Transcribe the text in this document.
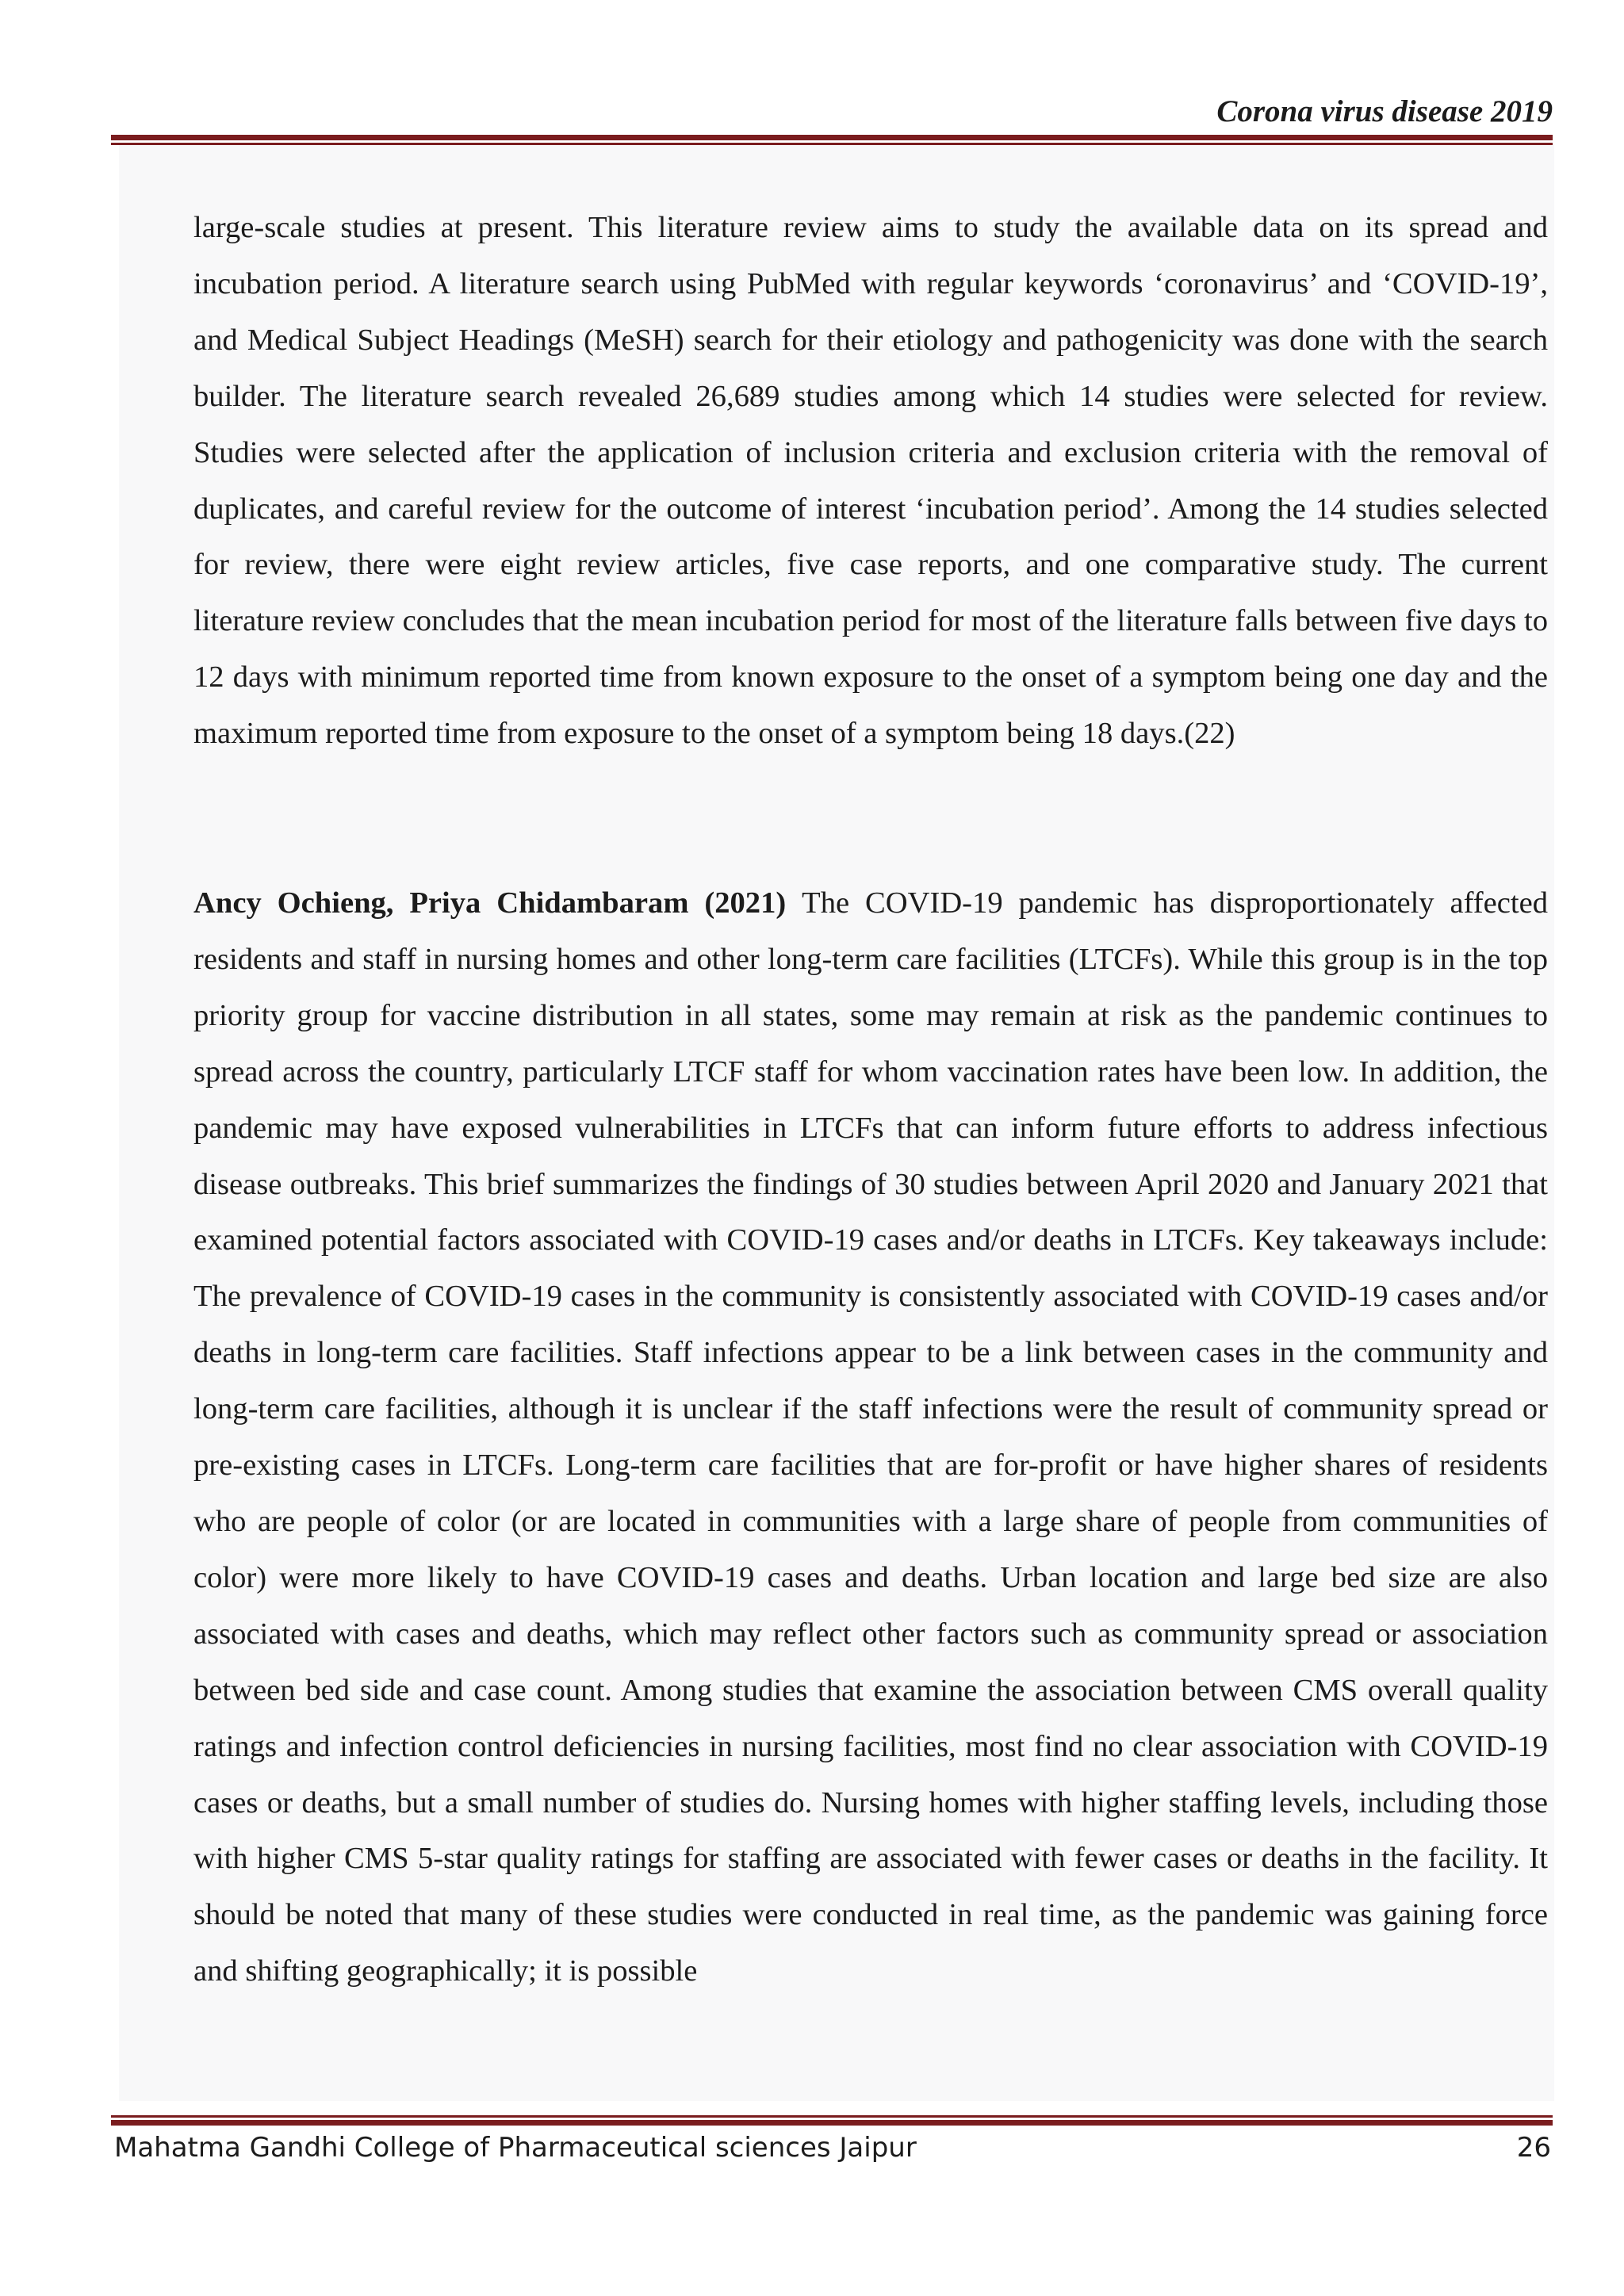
Corona virus disease 2019
large-scale studies at present. This literature review aims to study the available data on its spread and incubation period. A literature search using PubMed with regular keywords ‘coronavirus’ and ‘COVID-19’, and Medical Subject Headings (MeSH) search for their etiology and pathogenicity was done with the search builder. The literature search revealed 26,689 studies among which 14 studies were selected for review. Studies were selected after the application of inclusion criteria and exclusion criteria with the removal of duplicates, and careful review for the outcome of interest ‘incubation period’. Among the 14 studies selected for review, there were eight review articles, five case reports, and one comparative study. The current literature review concludes that the mean incubation period for most of the literature falls between five days to 12 days with minimum reported time from known exposure to the onset of a symptom being one day and the maximum reported time from exposure to the onset of a symptom being 18 days.(22)
Ancy Ochieng, Priya Chidambaram (2021) The COVID-19 pandemic has disproportionately affected residents and staff in nursing homes and other long-term care facilities (LTCFs). While this group is in the top priority group for vaccine distribution in all states, some may remain at risk as the pandemic continues to spread across the country, particularly LTCF staff for whom vaccination rates have been low. In addition, the pandemic may have exposed vulnerabilities in LTCFs that can inform future efforts to address infectious disease outbreaks. This brief summarizes the findings of 30 studies between April 2020 and January 2021 that examined potential factors associated with COVID-19 cases and/or deaths in LTCFs. Key takeaways include: The prevalence of COVID-19 cases in the community is consistently associated with COVID-19 cases and/or deaths in long-term care facilities. Staff infections appear to be a link between cases in the community and long-term care facilities, although it is unclear if the staff infections were the result of community spread or pre-existing cases in LTCFs. Long-term care facilities that are for-profit or have higher shares of residents who are people of color (or are located in communities with a large share of people from communities of color) were more likely to have COVID-19 cases and deaths. Urban location and large bed size are also associated with cases and deaths, which may reflect other factors such as community spread or association between bed side and case count. Among studies that examine the association between CMS overall quality ratings and infection control deficiencies in nursing facilities, most find no clear association with COVID-19 cases or deaths, but a small number of studies do. Nursing homes with higher staffing levels, including those with higher CMS 5-star quality ratings for staffing are associated with fewer cases or deaths in the facility. It should be noted that many of these studies were conducted in real time, as the pandemic was gaining force and shifting geographically; it is possible
Mahatma Gandhi College of Pharmaceutical sciences Jaipur	26
